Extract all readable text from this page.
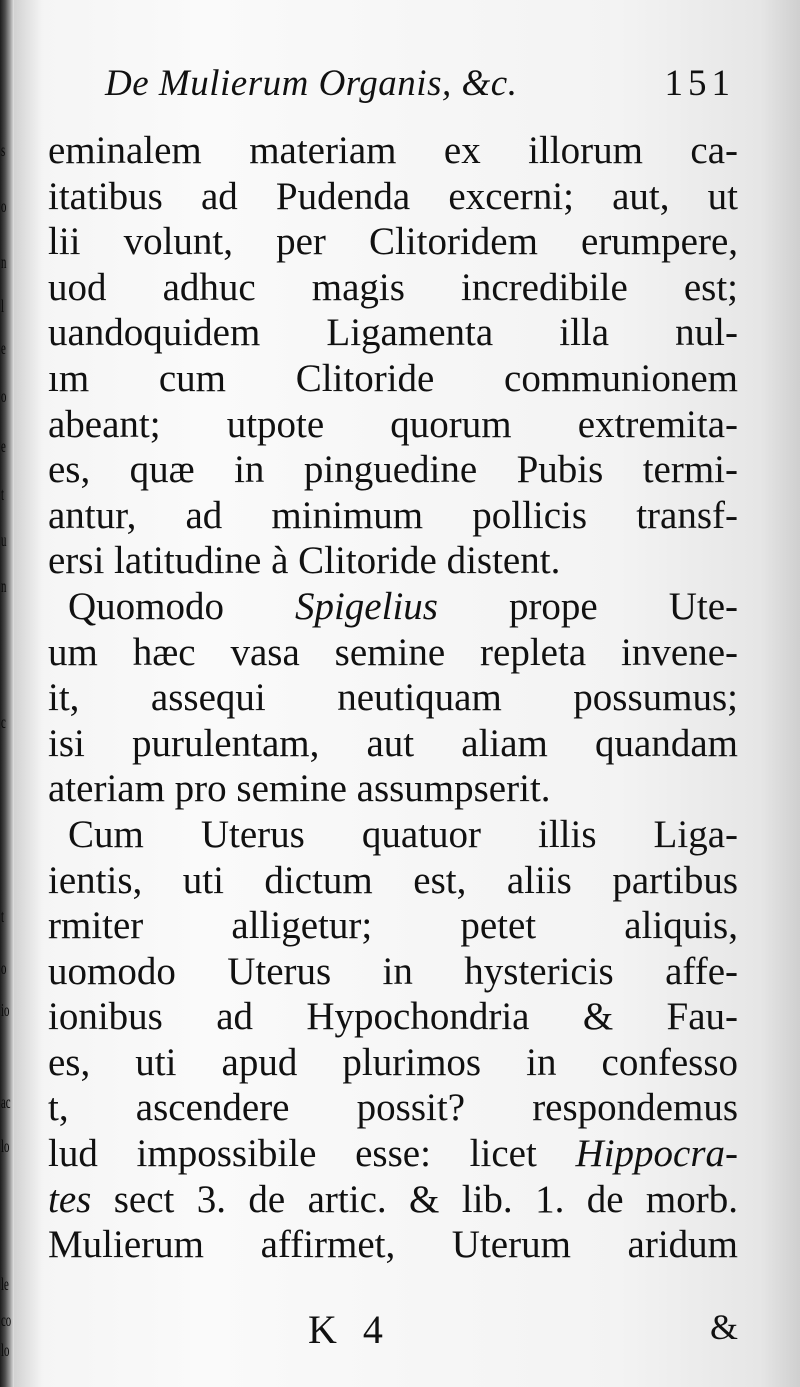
s
o
n
l
e
o
e
t
u
n
c
t
o
io
ac
lo
le
co
lo
De Mulierum Organis, &c.	151
eminalem materiam ex illorum ca-
itatibus ad Pudenda excerni; aut, ut
lii volunt, per Clitoridem erumpere,
uod adhuc magis incredibile est;
uandoquidem Ligamenta illa nul-
ım cum Clitoride communionem
abeant; utpote quorum extremita-
es, quæ in pinguedine Pubis termi-
antur, ad minimum pollicis transf-
ersi latitudine à Clitoride distent.
Quomodo Spigelius prope Ute-
um hæc vasa semine repleta invene-
it, assequi neutiquam possumus;
isi purulentam, aut aliam quandam
ateriam pro semine assumpserit.
Cum Uterus quatuor illis Liga-
ientis, uti dictum est, aliis partibus
rmiter alligetur; petet aliquis,
uomodo Uterus in hystericis affe-
ionibus ad Hypochondria & Fau-
es, uti apud plurimos in confesso
t, ascendere possit? respondemus
lud impossibile esse: licet Hippocra-
tes sect 3. de artic. & lib. 1. de morb.
Mulierum affirmet, Uterum aridum
K 4	&
